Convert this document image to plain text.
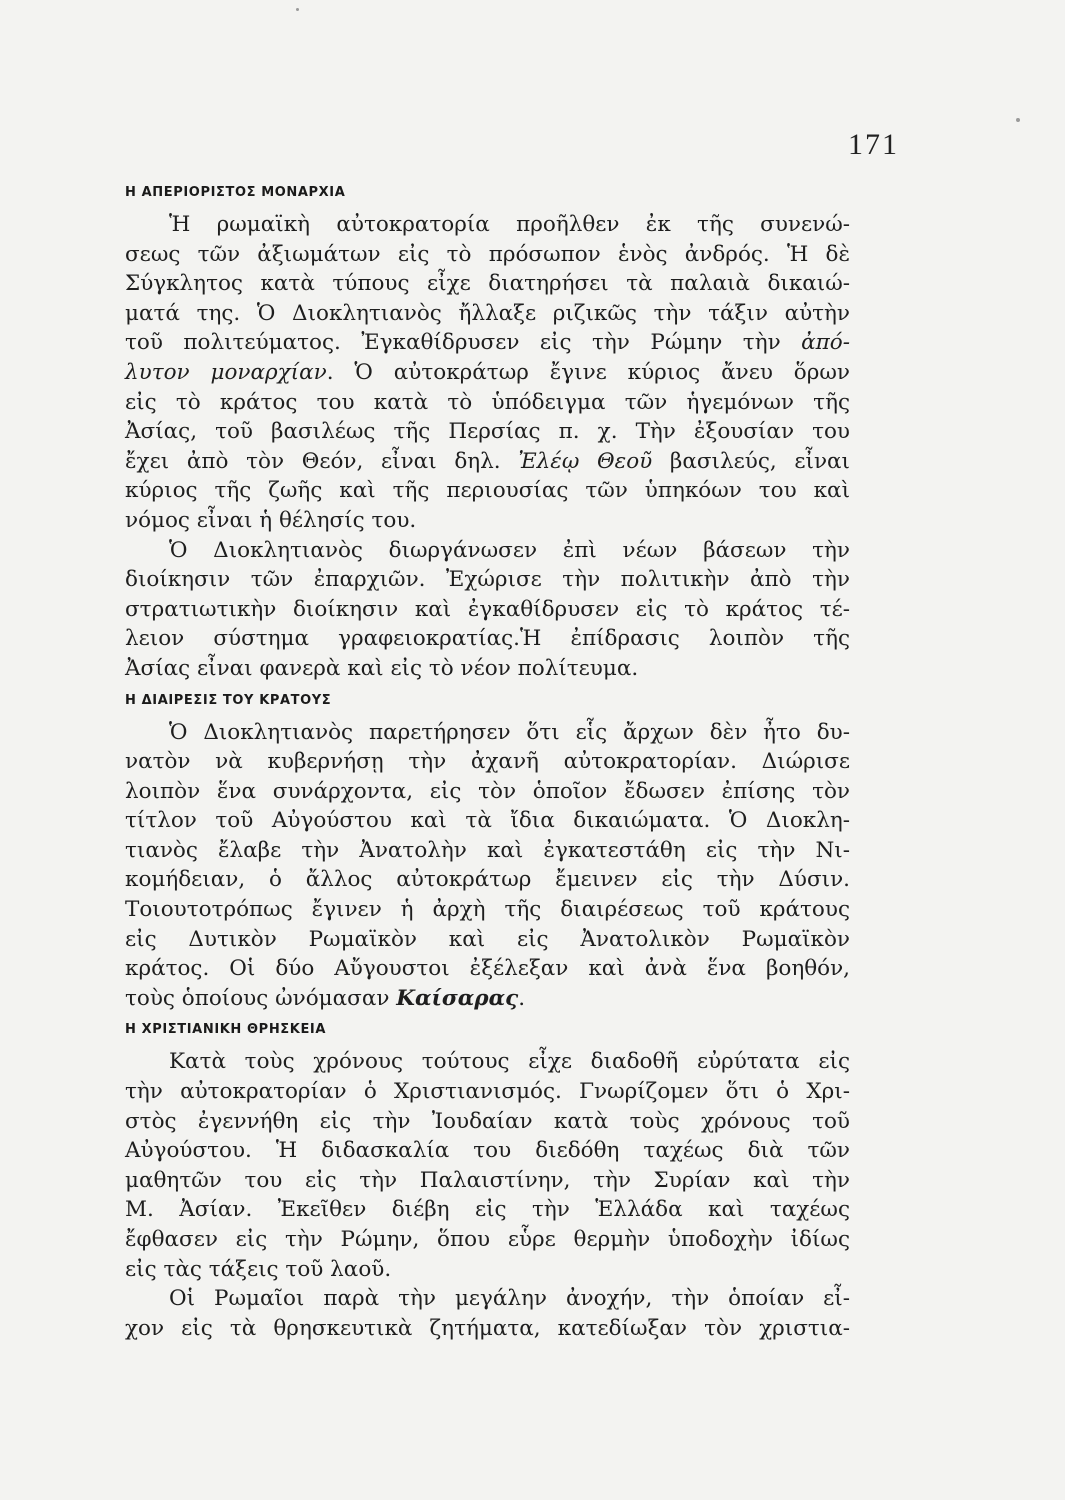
171
Η ΑΠΕΡΙΟΡΙΣΤΟΣ ΜΟΝΑΡΧΙΑ

Ἡ ρωμαϊκὴ αὐτοκρατορία προῆλθεν ἐκ τῆς συνενώ-
σεως τῶν ἀξιωμάτων εἰς τὸ πρόσωπον ἑνὸς ἀνδρός. Ἡ δὲ
Σύγκλητος κατὰ τύπους εἶχε διατηρήσει τὰ παλαιὰ δικαιώ-
ματά της. Ὁ Διοκλητιανὸς ἤλλαξε ριζικῶς τὴν τάξιν αὐτὴν
τοῦ πολιτεύματος. Ἐγκαθίδρυσεν εἰς τὴν Ρώμην τὴν ἀπό-
λυτον μοναρχίαν. Ὁ αὐτοκράτωρ ἔγινε κύριος ἄνευ ὅρων
εἰς τὸ κράτος του κατὰ τὸ ὑπόδειγμα τῶν ἡγεμόνων τῆς
Ἀσίας, τοῦ βασιλέως τῆς Περσίας π. χ. Τὴν ἐξουσίαν του
ἔχει ἀπὸ τὸν Θεόν, εἶναι δηλ. Ἐλέῳ Θεοῦ βασιλεύς, εἶναι
κύριος τῆς ζωῆς καὶ τῆς περιουσίας τῶν ὑπηκόων του καὶ
νόμος εἶναι ἡ θέλησίς του.
Ὁ Διοκλητιανὸς διωργάνωσεν ἐπὶ νέων βάσεων τὴν
διοίκησιν τῶν ἐπαρχιῶν. Ἐχώρισε τὴν πολιτικὴν ἀπὸ τὴν
στρατιωτικὴν διοίκησιν καὶ ἐγκαθίδρυσεν εἰς τὸ κράτος τέ-
λειον σύστημα γραφειοκρατίας.Ἡ ἐπίδρασις λοιπὸν τῆς
Ἀσίας εἶναι φανερὰ καὶ εἰς τὸ νέον πολίτευμα.

Η ΔΙΑΙΡΕΣΙΣ ΤΟΥ ΚΡΑΤΟΥΣ

Ὁ Διοκλητιανὸς παρετήρησεν ὅτι εἷς ἄρχων δὲν ἦτο δυ-
νατὸν νὰ κυβερνήσῃ τὴν ἀχανῆ αὐτοκρατορίαν. Διώρισε
λοιπὸν ἕνα συνάρχοντα, εἰς τὸν ὁποῖον ἔδωσεν ἐπίσης τὸν
τίτλον τοῦ Αὐγούστου καὶ τὰ ἴδια δικαιώματα. Ὁ Διοκλη-
τιανὸς ἔλαβε τὴν Ἀνατολὴν καὶ ἐγκατεστάθη εἰς τὴν Νι-
κομήδειαν, ὁ ἄλλος αὐτοκράτωρ ἔμεινεν εἰς τὴν Δύσιν.
Τοιουτοτρόπως ἔγινεν ἡ ἀρχὴ τῆς διαιρέσεως τοῦ κράτους
εἰς Δυτικὸν Ρωμαϊκὸν καὶ εἰς Ἀνατολικὸν Ρωμαϊκὸν
κράτος. Οἱ δύο Αὔγουστοι ἐξέλεξαν καὶ ἀνὰ ἕνα βοηθόν,
τοὺς ὁποίους ὠνόμασαν Καίσαρας.

Η ΧΡΙΣΤΙΑΝΙΚΗ ΘΡΗΣΚΕΙΑ

Κατὰ τοὺς χρόνους τούτους εἶχε διαδοθῆ εὐρύτατα εἰς
τὴν αὐτοκρατορίαν ὁ Χριστιανισμός. Γνωρίζομεν ὅτι ὁ Χρι-
στὸς ἐγεννήθη εἰς τὴν Ἰουδαίαν κατὰ τοὺς χρόνους τοῦ
Αὐγούστου. Ἡ διδασκαλία του διεδόθη ταχέως διὰ τῶν
μαθητῶν του εἰς τὴν Παλαιστίνην, τὴν Συρίαν καὶ τὴν
Μ. Ἀσίαν. Ἐκεῖθεν διέβη εἰς τὴν Ἑλλάδα καὶ ταχέως
ἔφθασεν εἰς τὴν Ρώμην, ὅπου εὗρε θερμὴν ὑποδοχὴν ἰδίως
εἰς τὰς τάξεις τοῦ λαοῦ.
Οἱ Ρωμαῖοι παρὰ τὴν μεγάλην ἀνοχήν, τὴν ὁποίαν εἶ-
χον εἰς τὰ θρησκευτικὰ ζητήματα, κατεδίωξαν τὸν χριστια-
